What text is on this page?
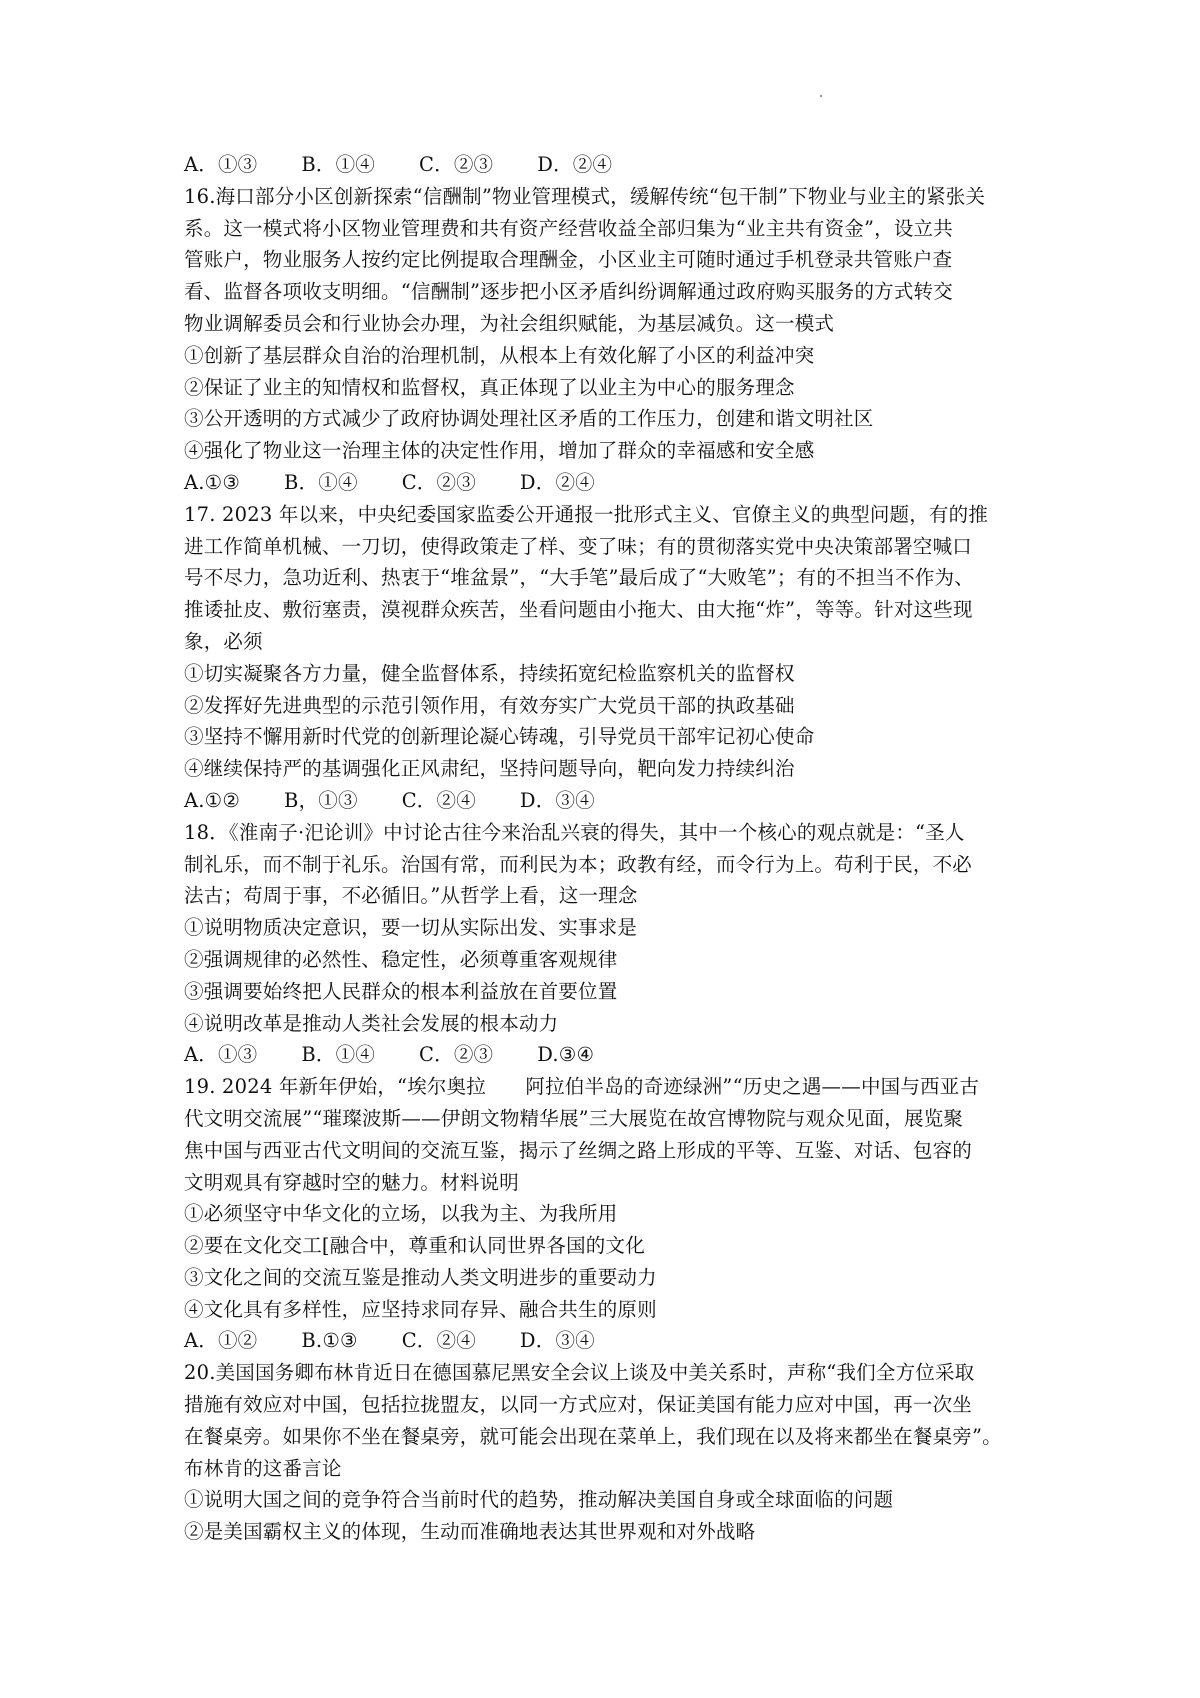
A．①③ B．①④ C．②③ D．②④
16.海口部分小区创新探索“信酬制”物业管理模式，缓解传统“包干制”下物业与业主的紧张关
系。这一模式将小区物业管理费和共有资产经营收益全部归集为“业主共有资金”，设立共
管账户，物业服务人按约定比例提取合理酬金，小区业主可随时通过手机登录共管账户查
看、监督各项收支明细。“信酬制”逐步把小区矛盾纠纷调解通过政府购买服务的方式转交
物业调解委员会和行业协会办理，为社会组织赋能，为基层减负。这一模式
①创新了基层群众自治的治理机制，从根本上有效化解了小区的利益冲突
②保证了业主的知情权和监督权，真正体现了以业主为中心的服务理念
③公开透明的方式减少了政府协调处理社区矛盾的工作压力，创建和谐文明社区
④强化了物业这一治理主体的决定性作用，增加了群众的幸福感和安全感
A.①③ B．①④ C．②③ D．②④
17. 2023 年以来，中央纪委国家监委公开通报一批形式主义、官僚主义的典型问题，有的推
进工作简单机械、一刀切，使得政策走了样、变了味；有的贯彻落实党中央决策部署空喊口
号不尽力，急功近利、热衷于“堆盆景”，“大手笔”最后成了“大败笔”；有的不担当不作为、
推诿扯皮、敷衍塞责，漠视群众疾苦，坐看问题由小拖大、由大拖“炸”，等等。针对这些现
象，必须
①切实凝聚各方力量，健全监督体系，持续拓宽纪检监察机关的监督权
②发挥好先进典型的示范引领作用，有效夯实广大党员干部的执政基础
③坚持不懈用新时代党的创新理论凝心铸魂，引导党员干部牢记初心使命
④继续保持严的基调强化正风肃纪，坚持问题导向，靶向发力持续纠治
A.①② B，①③ C．②④ D．③④
18．《淮南子·汜论训》中讨论古往今来治乱兴衰的得失，其中一个核心的观点就是：“圣人
制礼乐，而不制于礼乐。治国有常，而利民为本；政教有经，而令行为上。苟利于民，不必
法古；苟周于事，不必循旧。”从哲学上看，这一理念
①说明物质决定意识，要一切从实际出发、实事求是
②强调规律的必然性、稳定性，必须尊重客观规律
③强调要始终把人民群众的根本利益放在首要位置
④说明改革是推动人类社会发展的根本动力
A．①③ B．①④ C．②③ D.③④
19. 2024 年新年伊始，“埃尔奥拉　　阿拉伯半岛的奇迹绿洲”“历史之遇——中国与西亚古
代文明交流展”“璀璨波斯——伊朗文物精华展”三大展览在故宫博物院与观众见面，展览聚
焦中国与西亚古代文明间的交流互鉴，揭示了丝绸之路上形成的平等、互鉴、对话、包容的
文明观具有穿越时空的魅力。材料说明
①必须坚守中华文化的立场，以我为主、为我所用
②要在文化交工[融合中，尊重和认同世界各国的文化
③文化之间的交流互鉴是推动人类文明进步的重要动力
④文化具有多样性，应坚持求同存异、融合共生的原则
A．①② B.①③ C．②④ D．③④
20.美国国务卿布林肯近日在德国慕尼黑安全会议上谈及中美关系时，声称“我们全方位采取
措施有效应对中国，包括拉拢盟友，以同一方式应对，保证美国有能力应对中国，再一次坐
在餐桌旁。如果你不坐在餐桌旁，就可能会出现在菜单上，我们现在以及将来都坐在餐桌旁”。
布林肯的这番言论
①说明大国之间的竞争符合当前时代的趋势，推动解决美国自身或全球面临的问题
②是美国霸权主义的体现，生动而准确地表达其世界观和对外战略
